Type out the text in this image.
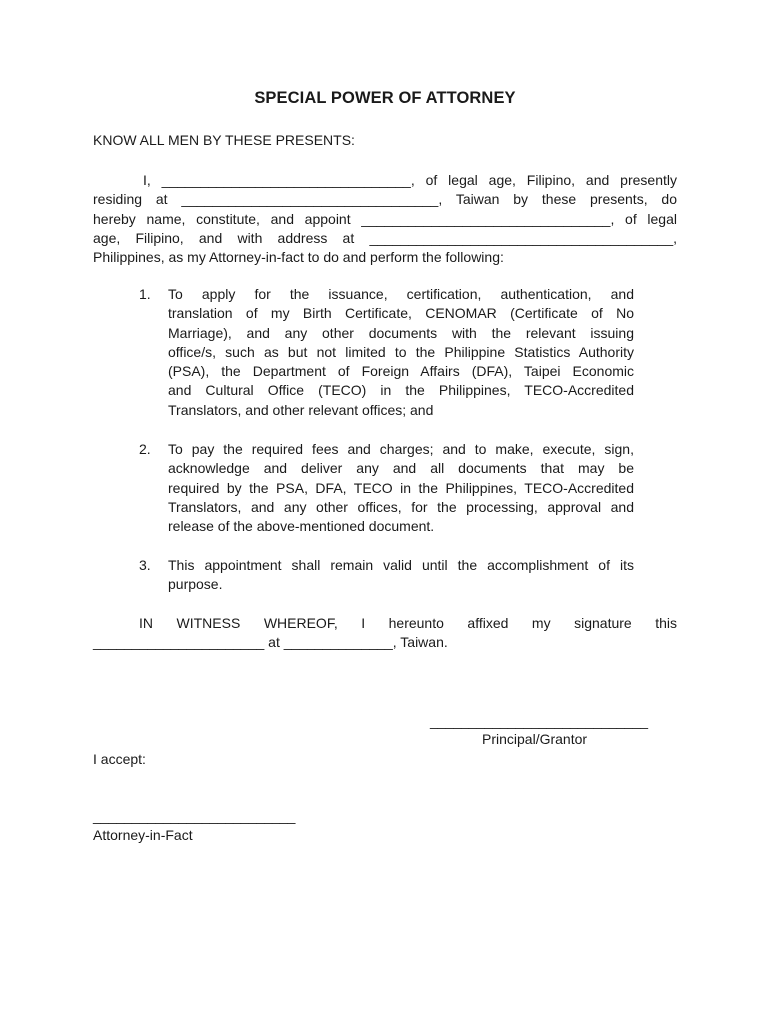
SPECIAL POWER OF ATTORNEY
KNOW ALL MEN BY THESE PRESENTS:
I, ________________________________, of legal age, Filipino, and presently
residing at _________________________________, Taiwan by these presents, do
hereby name, constitute, and appoint ________________________________, of legal
age, Filipino, and with address at _______________________________________,
Philippines, as my Attorney-in-fact to do and perform the following:
1. To apply for the issuance, certification, authentication, and
translation of my Birth Certificate, CENOMAR (Certificate of No
Marriage), and any other documents with the relevant issuing
office/s, such as but not limited to the Philippine Statistics Authority
(PSA), the Department of Foreign Affairs (DFA), Taipei Economic
and Cultural Office (TECO) in the Philippines, TECO-Accredited
Translators, and other relevant offices; and
2. To pay the required fees and charges; and to make, execute, sign,
acknowledge and deliver any and all documents that may be
required by the PSA, DFA, TECO in the Philippines, TECO-Accredited
Translators, and any other offices, for the processing, approval and
release of the above-mentioned document.
3. This appointment shall remain valid until the accomplishment of its
purpose.
IN WITNESS WHEREOF, I hereunto affixed my signature this
______________________ at ______________, Taiwan.
____________________________
Principal/Grantor
I accept:
__________________________
Attorney-in-Fact
